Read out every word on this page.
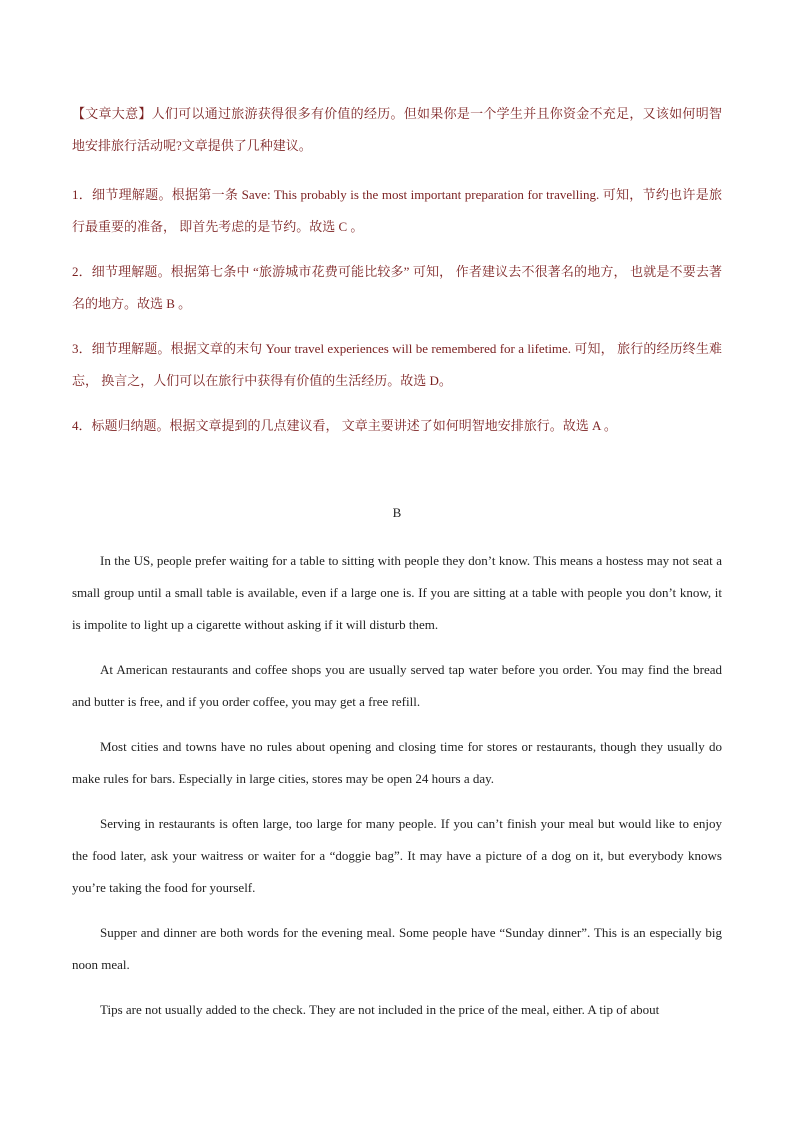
【文章大意】人们可以通过旅游获得很多有价值的经历。但如果你是一个学生并且你资金不充足，又该如何明智地安排旅行活动呢?文章提供了几种建议。

1．细节理解题。根据第一条 Save: This probably is the most important preparation for travelling. 可知，节约也许是旅行最重要的准备， 即首先考虑的是节约。故选 C 。

2．细节理解题。根据第七条中 “旅游城市花费可能比较多” 可知， 作者建议去不很著名的地方， 也就是不要去著名的地方。故选 B 。

3．细节理解题。根据文章的末句 Your travel experiences will be remembered for a lifetime. 可知， 旅行的经历终生难忘， 换言之，人们可以在旅行中获得有价值的生活经历。故选 D。

4．标题归纳题。根据文章提到的几点建议看， 文章主要讲述了如何明智地安排旅行。故选 A 。

B

In the US, people prefer waiting for a table to sitting with people they don’t know. This means a hostess may not seat a small group until a small table is available, even if a large one is. If you are sitting at a table with people you don’t know, it is impolite to light up a cigarette without asking if it will disturb them.

At American restaurants and coffee shops you are usually served tap water before you order. You may find the bread and butter is free, and if you order coffee, you may get a free refill.

Most cities and towns have no rules about opening and closing time for stores or restaurants, though they usually do make rules for bars. Especially in large cities, stores may be open 24 hours a day.

Serving in restaurants is often large, too large for many people. If you can’t finish your meal but would like to enjoy the food later, ask your waitress or waiter for a “doggie bag”. It may have a picture of a dog on it, but everybody knows you’re taking the food for yourself.

Supper and dinner are both words for the evening meal. Some people have “Sunday dinner”. This is an especially big noon meal.

Tips are not usually added to the check. They are not included in the price of the meal, either. A tip of about
